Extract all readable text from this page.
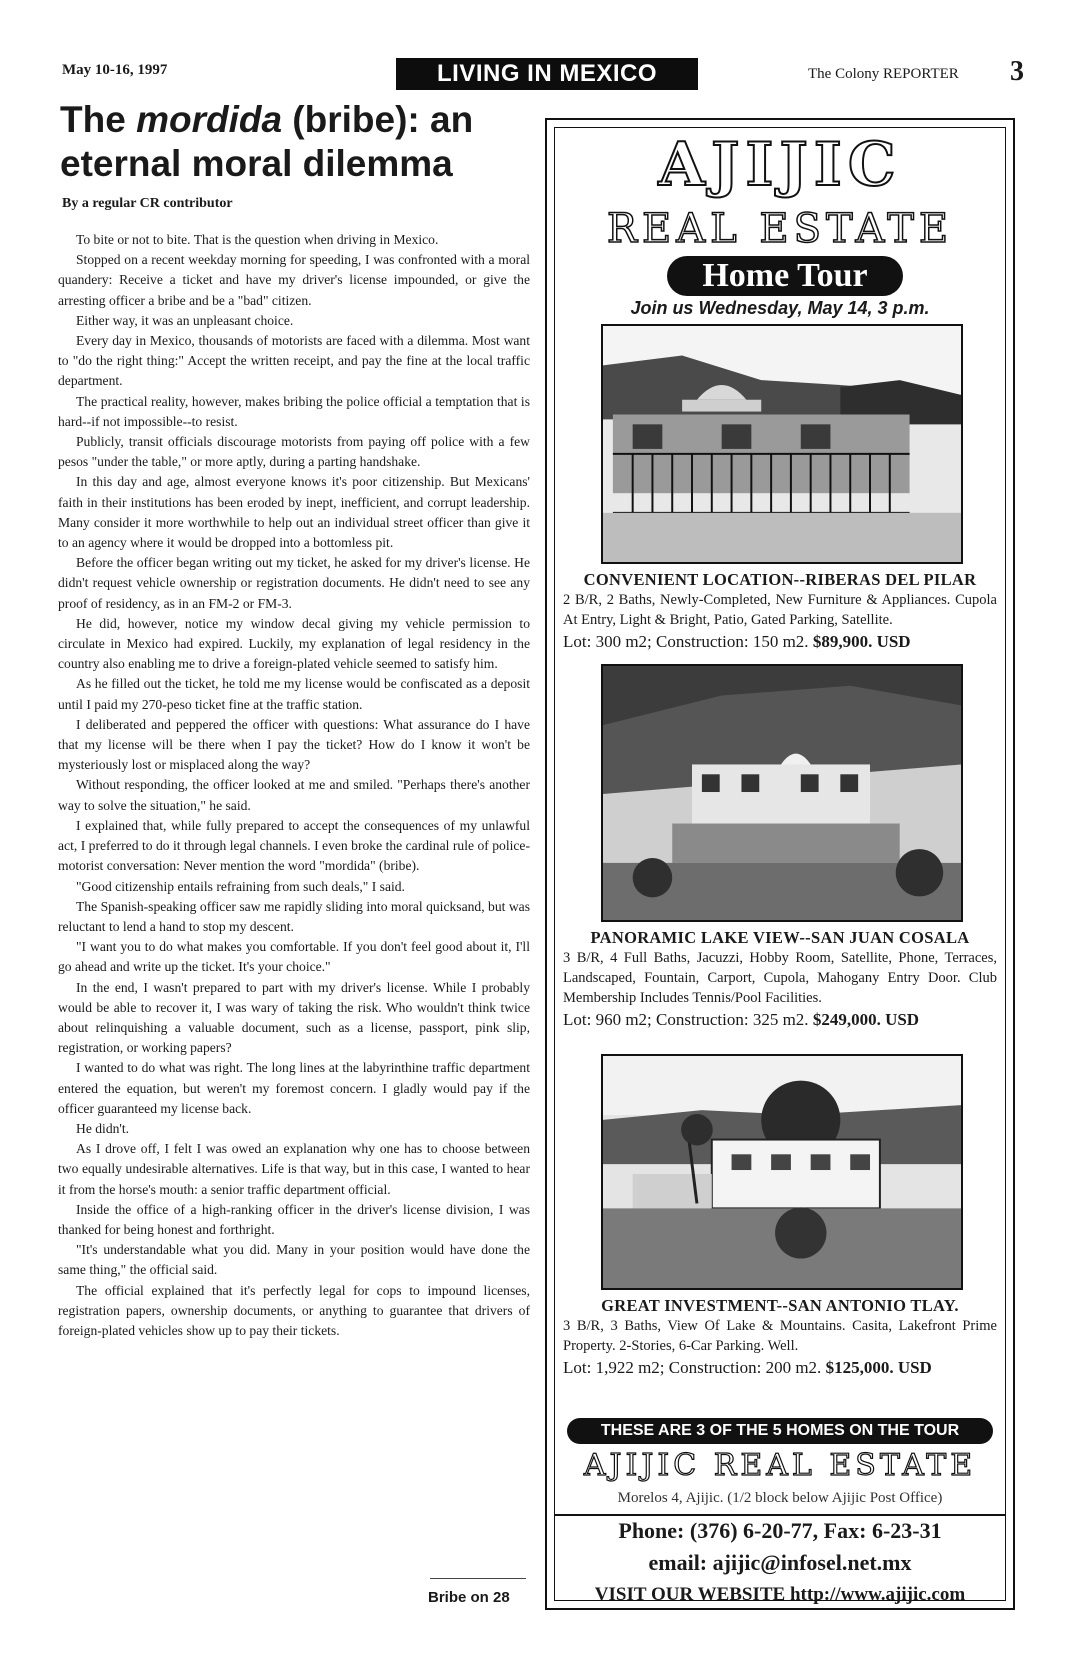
May 10-16, 1997	LIVING IN MEXICO	The Colony REPORTER 3
The mordida (bribe): an eternal moral dilemma
By a regular CR contributor

To bite or not to bite. That is the question when driving in Mexico.

Stopped on a recent weekday morning for speeding, I was confronted with a moral quandery: Receive a ticket and have my driver's license impounded, or give the arresting officer a bribe and be a "bad" citizen.

Either way, it was an unpleasant choice.

Every day in Mexico, thousands of motorists are faced with a dilemma. Most want to "do the right thing:" Accept the written receipt, and pay the fine at the local traffic department.

The practical reality, however, makes bribing the police official a temptation that is hard--if not impossible--to resist.

Publicly, transit officials discourage motorists from paying off police with a few pesos "under the table," or more aptly, during a parting handshake.

In this day and age, almost everyone knows it's poor citizenship. But Mexicans' faith in their institutions has been eroded by inept, inefficient, and corrupt leadership. Many consider it more worthwhile to help out an individual street officer than give it to an agency where it would be dropped into a bottomless pit.

Before the officer began writing out my ticket, he asked for my driver's license. He didn't request vehicle ownership or registration documents. He didn't need to see any proof of residency, as in an FM-2 or FM-3.

He did, however, notice my window decal giving my vehicle permission to circulate in Mexico had expired. Luckily, my explanation of legal residency in the country also enabling me to drive a foreign-plated vehicle seemed to satisfy him.

As he filled out the ticket, he told me my license would be confiscated as a deposit until I paid my 270-peso ticket fine at the traffic station.

I deliberated and peppered the officer with questions: What assurance do I have that my license will be there when I pay the ticket? How do I know it won't be mysteriously lost or misplaced along the way?

Without responding, the officer looked at me and smiled. "Perhaps there's another way to solve the situation," he said.

I explained that, while fully prepared to accept the consequences of my unlawful act, I preferred to do it through legal channels. I even broke the cardinal rule of police-motorist conversation: Never mention the word "mordida" (bribe).

"Good citizenship entails refraining from such deals," I said.

The Spanish-speaking officer saw me rapidly sliding into moral quicksand, but was reluctant to lend a hand to stop my descent.

"I want you to do what makes you comfortable. If you don't feel good about it, I'll go ahead and write up the ticket. It's your choice."

In the end, I wasn't prepared to part with my driver's license. While I probably would be able to recover it, I was wary of taking the risk. Who wouldn't think twice about relinquishing a valuable document, such as a license, passport, pink slip, registration, or working papers?

I wanted to do what was right. The long lines at the labyrinthine traffic department entered the equation, but weren't my foremost concern. I gladly would pay if the officer guaranteed my license back.

He didn't.

As I drove off, I felt I was owed an explanation why one has to choose between two equally undesirable alternatives. Life is that way, but in this case, I wanted to hear it from the horse's mouth: a senior traffic department official.

Inside the office of a high-ranking officer in the driver's license division, I was thanked for being honest and forthright.

"It's understandable what you did. Many in your position would have done the same thing," the official said.

The official explained that it's perfectly legal for cops to impound licenses, registration papers, ownership documents, or anything to guarantee that drivers of foreign-plated vehicles show up to pay their tickets.

Bribe on 28
AJIJIC
REAL ESTATE
Home Tour
Join us Wednesday, May 14, 3 p.m.
CONVENIENT LOCATION--RIBERAS DEL PILAR
2 B/R, 2 Baths, Newly-Completed, New Furniture & Appliances. Cupola At Entry, Light & Bright, Patio, Gated Parking, Satellite.
Lot: 300 m2; Construction: 150 m2. $89,900. USD
PANORAMIC LAKE VIEW--SAN JUAN COSALA
3 B/R, 4 Full Baths, Jacuzzi, Hobby Room, Satellite, Phone, Terraces, Landscaped, Fountain, Carport, Cupola, Mahogany Entry Door. Club Membership Includes Tennis/Pool Facilities.
Lot: 960 m2; Construction: 325 m2. $249,000. USD
GREAT INVESTMENT--SAN ANTONIO TLAY.
3 B/R, 3 Baths, View Of Lake & Mountains. Casita, Lakefront Prime Property. 2-Stories, 6-Car Parking. Well.
Lot: 1,922 m2; Construction: 200 m2. $125,000. USD
THESE ARE 3 OF THE 5 HOMES ON THE TOUR
AJIJIC REAL ESTATE
Morelos 4, Ajijic. (1/2 block below Ajijic Post Office)
Phone: (376) 6-20-77, Fax: 6-23-31
email: ajijic@infosel.net.mx
VISIT OUR WEBSITE http://www.ajijic.com
